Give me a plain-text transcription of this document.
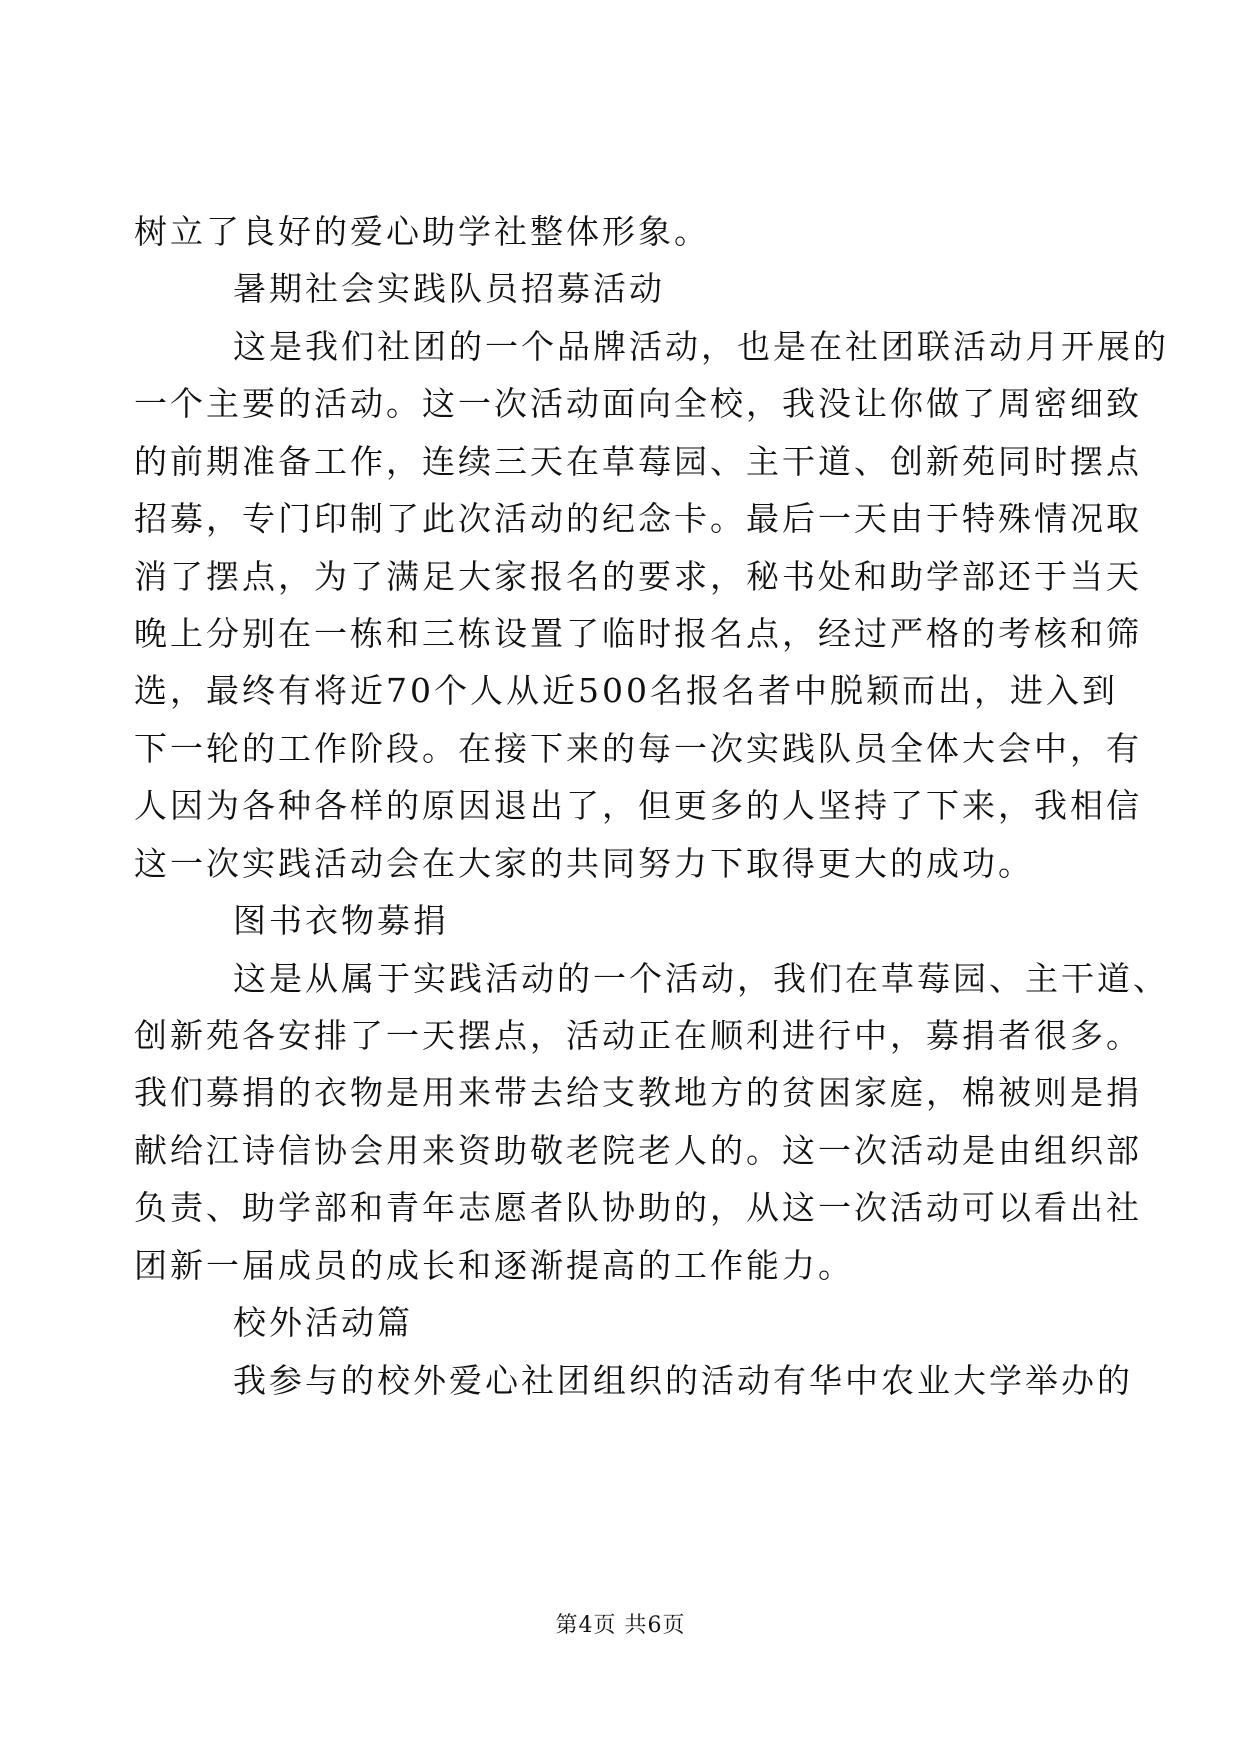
树立了良好的爱心助学社整体形象。
暑期社会实践队员招募活动
这是我们社团的一个品牌活动，也是在社团联活动月开展的
一个主要的活动。这一次活动面向全校，我没让你做了周密细致
的前期准备工作，连续三天在草莓园、主干道、创新苑同时摆点
招募，专门印制了此次活动的纪念卡。最后一天由于特殊情况取
消了摆点，为了满足大家报名的要求，秘书处和助学部还于当天
晚上分别在一栋和三栋设置了临时报名点，经过严格的考核和筛
选，最终有将近70个人从近500名报名者中脱颖而出，进入到
下一轮的工作阶段。在接下来的每一次实践队员全体大会中，有
人因为各种各样的原因退出了，但更多的人坚持了下来，我相信
这一次实践活动会在大家的共同努力下取得更大的成功。
图书衣物募捐
这是从属于实践活动的一个活动，我们在草莓园、主干道、
创新苑各安排了一天摆点，活动正在顺利进行中，募捐者很多。
我们募捐的衣物是用来带去给支教地方的贫困家庭，棉被则是捐
献给江诗信协会用来资助敬老院老人的。这一次活动是由组织部
负责、助学部和青年志愿者队协助的，从这一次活动可以看出社
团新一届成员的成长和逐渐提高的工作能力。
校外活动篇
我参与的校外爱心社团组织的活动有华中农业大学举办的
第4页 共6页
